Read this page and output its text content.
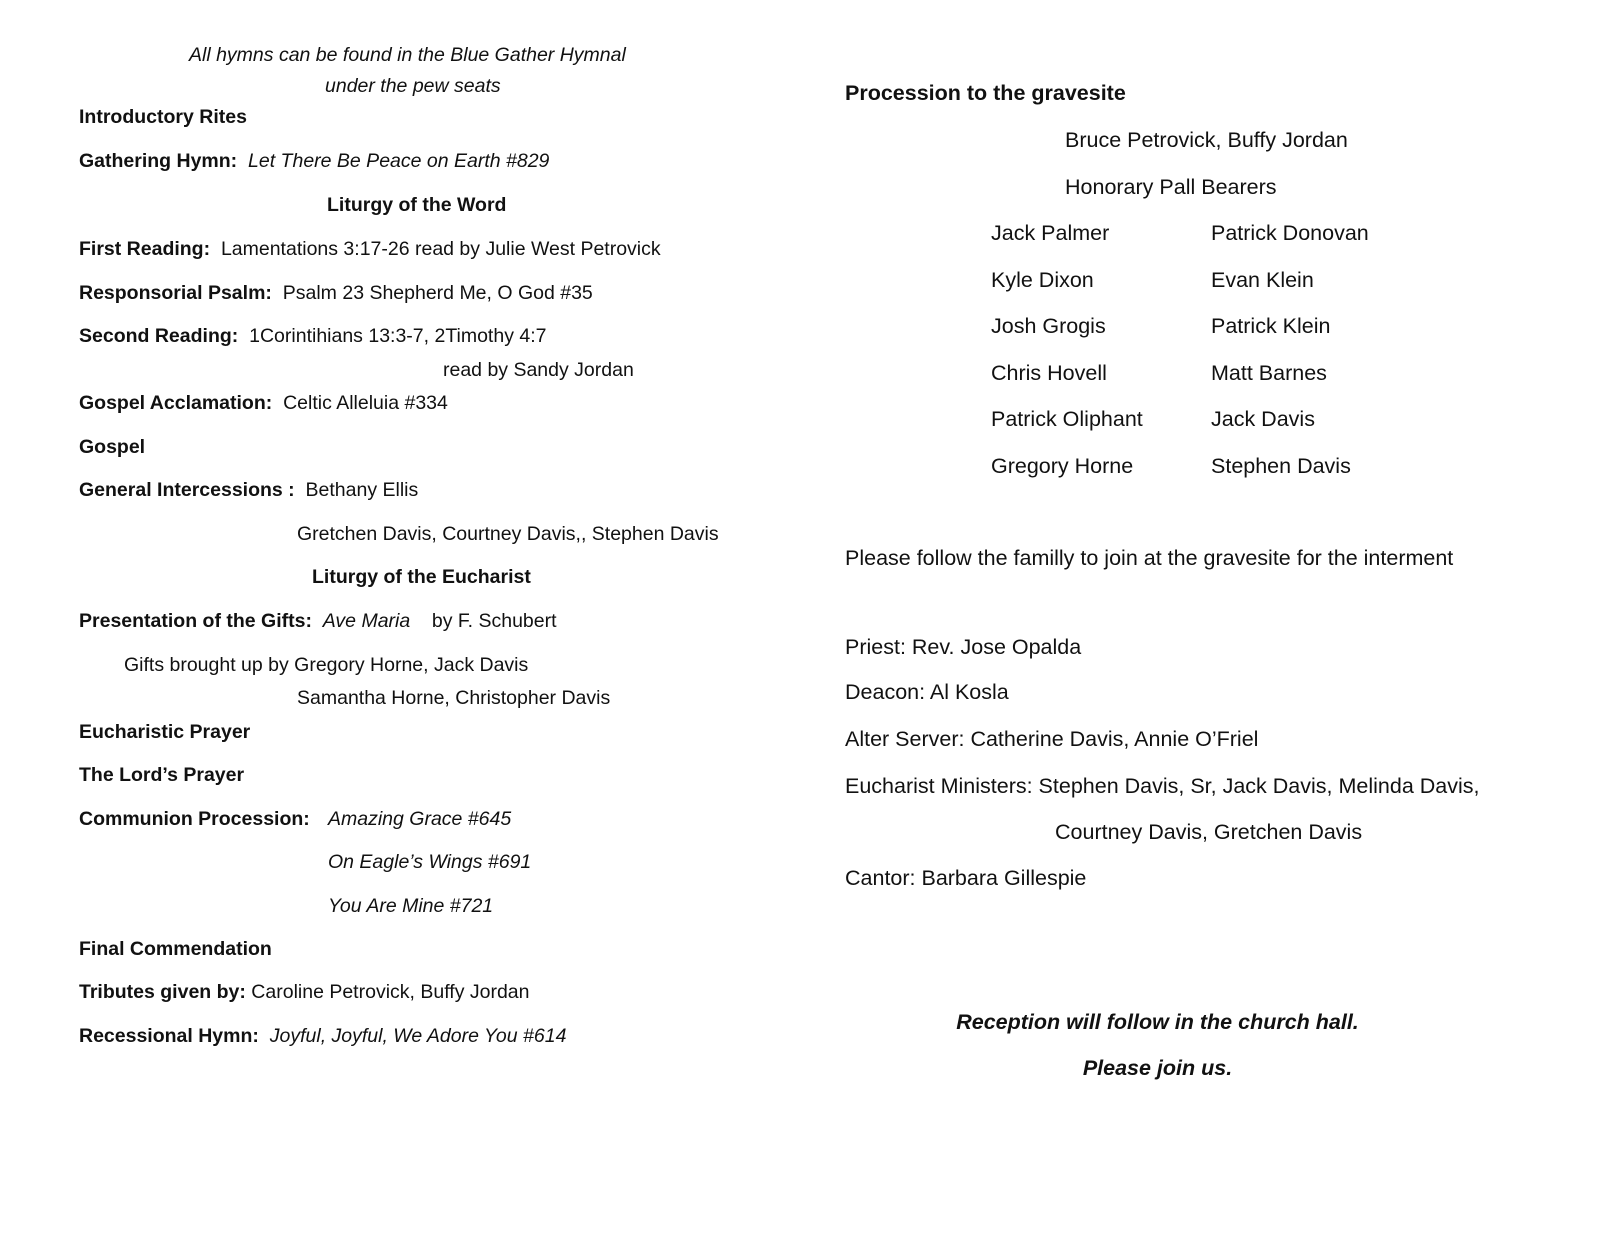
All hymns can be found in the Blue Gather Hymnal
under the pew seats
Introductory Rites
Gathering Hymn: Let There Be Peace on Earth #829
Liturgy of the Word
First Reading: Lamentations 3:17-26 read by Julie West Petrovick
Responsorial Psalm: Psalm 23 Shepherd Me, O God #35
Second Reading: 1Corintihians 13:3-7, 2Timothy 4:7
read by Sandy Jordan
Gospel Acclamation: Celtic Alleluia #334
Gospel
General Intercessions : Bethany Ellis
Gretchen Davis, Courtney Davis,, Stephen Davis
Liturgy of the Eucharist
Presentation of the Gifts: Ave Maria by F. Schubert
Gifts brought up by Gregory Horne, Jack Davis
Samantha Horne, Christopher Davis
Eucharistic Prayer
The Lord’s Prayer
Communion Procession: Amazing Grace #645
On Eagle’s Wings #691
You Are Mine #721
Final Commendation
Tributes given by: Caroline Petrovick, Buffy Jordan
Recessional Hymn: Joyful, Joyful, We Adore You #614
Procession to the gravesite
Bruce Petrovick, Buffy Jordan
Honorary Pall Bearers
Jack Palmer	Patrick Donovan
Kyle Dixon	Evan Klein
Josh Grogis	Patrick Klein
Chris Hovell	Matt Barnes
Patrick Oliphant	Jack Davis
Gregory Horne	Stephen Davis
Please follow the familly to join at the gravesite for the interment
Priest: Rev. Jose Opalda
Deacon: Al Kosla
Alter Server: Catherine Davis, Annie O’Friel
Eucharist Ministers: Stephen Davis, Sr, Jack Davis, Melinda Davis,
Courtney Davis, Gretchen Davis
Cantor: Barbara Gillespie
Reception will follow in the church hall.
Please join us.
